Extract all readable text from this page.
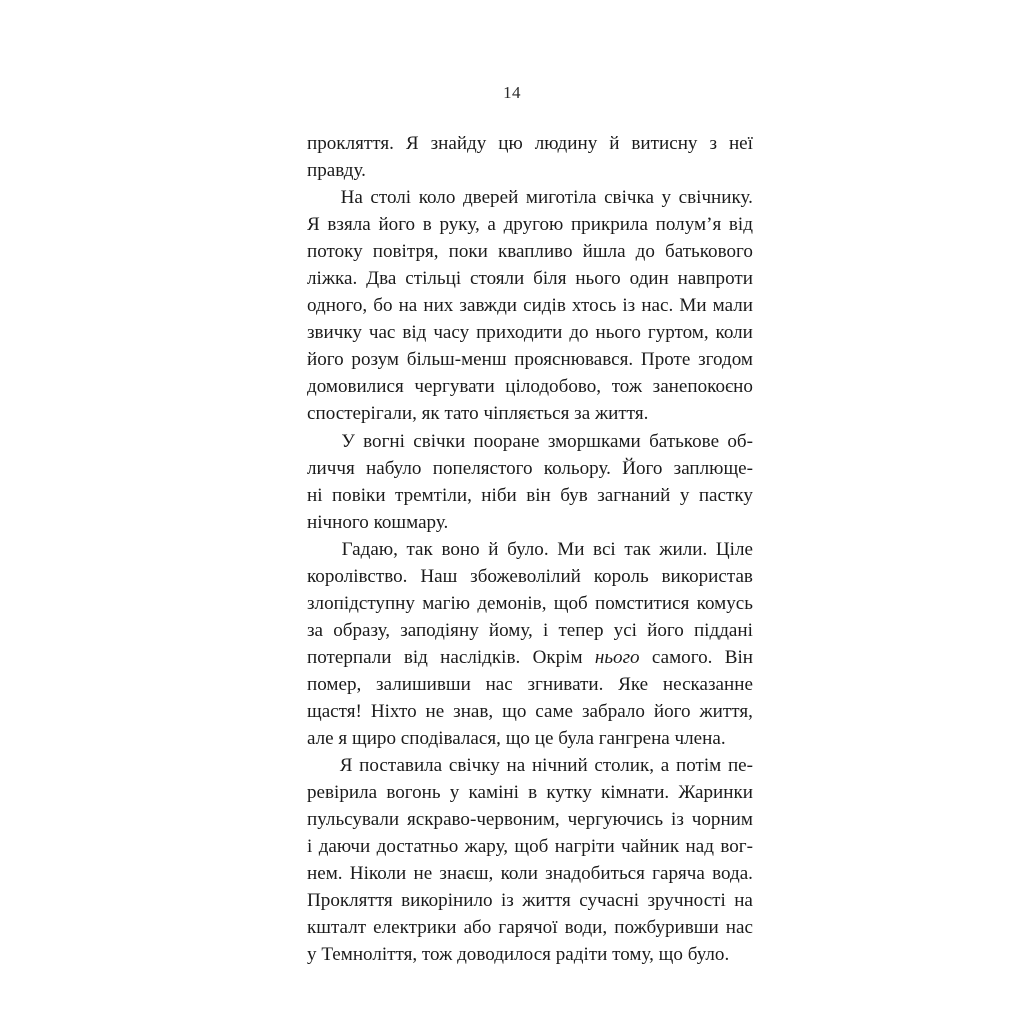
14

прокляття. Я знайду цю людину й витисну з неї
правду.

На столі коло дверей миготіла свічка у свічнику.
Я взяла його в руку, а другою прикрила полум’я від
потоку повітря, поки квапливо йшла до батькового
ліжка. Два стільці стояли біля нього один навпроти
одного, бо на них завжди сидів хтось із нас. Ми мали
звичку час від часу приходити до нього гуртом, коли
його розум більш-менш прояснювався. Проте згодом
домовилися чергувати цілодобово, тож занепокоєно
спостерігали, як тато чіпляється за життя.

У вогні свічки пооране зморшками батькове об-
личчя набуло попелястого кольору. Його заплюще-
ні повіки тремтіли, ніби він був загнаний у пастку
нічного кошмару.

Гадаю, так воно й було. Ми всі так жили. Ціле
королівство. Наш збожеволілий король використав
злопідступну магію демонів, щоб помститися комусь
за образу, заподіяну йому, і тепер усі його піддані
потерпали від наслідків. Окрім нього самого. Він
помер, залишивши нас згнивати. Яке несказанне
щастя! Ніхто не знав, що саме забрало його життя,
але я щиро сподівалася, що це була гангрена члена.

Я поставила свічку на нічний столик, а потім пе-
ревірила вогонь у каміні в кутку кімнати. Жаринки
пульсували яскраво-червоним, чергуючись із чорним
і даючи достатньо жару, щоб нагріти чайник над вог-
нем. Ніколи не знаєш, коли знадобиться гаряча вода.
Прокляття викорінило із життя сучасні зручності на
кшталт електрики або гарячої води, пожбуривши нас
у Темноліття, тож доводилося радіти тому, що було.
